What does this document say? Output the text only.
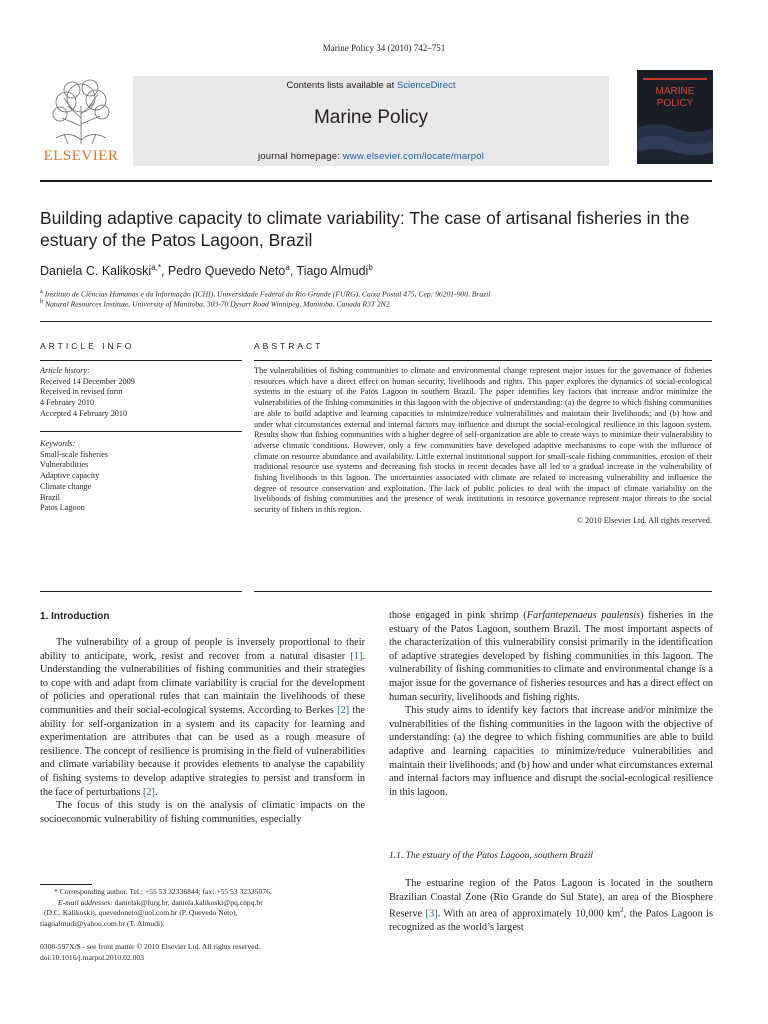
Marine Policy 34 (2010) 742–751
ELSEVIER
Contents lists available at ScienceDirect
Marine Policy
journal homepage: www.elsevier.com/locate/marpol
MARINE
POLICY
Building adaptive capacity to climate variability: The case of artisanal fisheries in the estuary of the Patos Lagoon, Brazil
Daniela C. Kalikoski$^{a,*}$, Pedro Quevedo Neto$^a$, Tiago Almudi$^b$
$^a$ Instituto de Ciências Humanas e da Informação (ICHI), Universidade Federal do Rio Grande (FURG), Caixa Postal 475, Cep: 96201-900, Brazil
$^b$ Natural Resources Institute, University of Manitoba, 303-70 Dysart Road Winnipeg, Manitoba, Canada R3T 2N2
ARTICLE INFO	ABSTRACT
Article history:
Received 14 December 2009
Received in revised form
4 February 2010
Accepted 4 February 2010
Keywords:
Small-scale fisheries
Vulnerabilities
Adaptive capacity
Climate change
Brazil
Patos Lagoon
The vulnerabilities of fishing communities to climate and environmental change represent major issues for the governance of fisheries resources which have a direct effect on human security, livelihoods and rights. This paper explores the dynamics of social-ecological systems in the estuary of the Patos Lagoon in southern Brazil. The paper identifies key factors that increase and/or minimize the vulnerabilities of the fishing communities in this lagoon with the objective of understanding: (a) the degree to which fishing communities are able to build adaptive and learning capacities to minimize/reduce vulnerabilities and maintain their livelihoods; and (b) how and under what circumstances external and internal factors may influence and disrupt the social-ecological resilience in this lagoon system. Results show that fishing communities with a higher degree of self-organization are able to create ways to minimize their vulnerability to adverse climatic conditions. However, only a few communities have developed adaptive mechanisms to cope with the influence of climate on resource abundance and availability. Little external institutional support for small-scale fishing communities, erosion of their traditional resource use systems and decreasing fish stocks in recent decades have all led to a gradual increase in the vulnerability of fishing livelihoods in this lagoon. The uncertainties associated with climate are related to increasing vulnerability and influence the degree of resource conservation and exploitation. The lack of public policies to deal with the impact of climate variability on the livelihoods of fishing communities and the presence of weak institutions in resource governance represent major threats to the social security of fishers in this region.
© 2010 Elsevier Ltd. All rights reserved.
1. Introduction

The vulnerability of a group of people is inversely proportional to their ability to anticipate, work, resist and recover from a natural disaster [1]. Understanding the vulnerabilities of fishing communities and their strategies to cope with and adapt from climate variability is crucial for the development of policies and operational rules that can maintain the livelihoods of these communities and their social-ecological systems. According to Berkes [2] the ability for self-organization in a system and its capacity for learning and experimentation are attributes that can be used as a rough measure of resilience. The concept of resilience is promising in the field of vulnerabilities and climate variability because it provides elements to analyse the capability of fishing systems to develop adaptive strategies to persist and transform in the face of perturbations [2].

The focus of this study is on the analysis of climatic impacts on the socioeconomic vulnerability of fishing communities, especially

those engaged in pink shrimp (Farfantepenaeus paulensis) fisheries in the estuary of the Patos Lagoon, southern Brazil. The most important aspects of the characterization of this vulnerability consist primarily in the identification of adaptive strategies developed by fishing communities in this lagoon. The vulnerability of fishing communities to climate and environmental change is a major issue for the governance of fisheries resources and has a direct effect on human security, livelihoods and fishing rights.

This study aims to identify key factors that increase and/or minimize the vulnerabilities of the fishing communities in the lagoon with the objective of understanding: (a) the degree to which fishing communities are able to build adaptive and learning capacities to minimize/reduce vulnerabilities and maintain their livelihoods; and (b) how and under what circumstances external and internal factors may influence and disrupt the social-ecological resilience in this lagoon.

1.1. The estuary of the Patos Lagoon, southern Brazil

The estuarine region of the Patos Lagoon is located in the southern Brazilian Coastal Zone (Rio Grande do Sul State), an area of the Biosphere Reserve [3]. With an area of approximately 10,000 $km^2$, the Patos Lagoon is recognized as the world’s largest

* Corresponding author. Tel.: +55 53 32336844; fax: +55 53 32335076.
E-mail addresses: danielak@furg.br, daniela.kalikoski@pq.cnpq.br
(D.C. Kalikoski), quevedoneto@uol.com.br (P. Quevedo Neto),
tiagoalmudi@yahoo.com.br (T. Almudi).
0308-597X/$ - see front matter © 2010 Elsevier Ltd. All rights reserved.
doi:10.1016/j.marpol.2010.02.003
